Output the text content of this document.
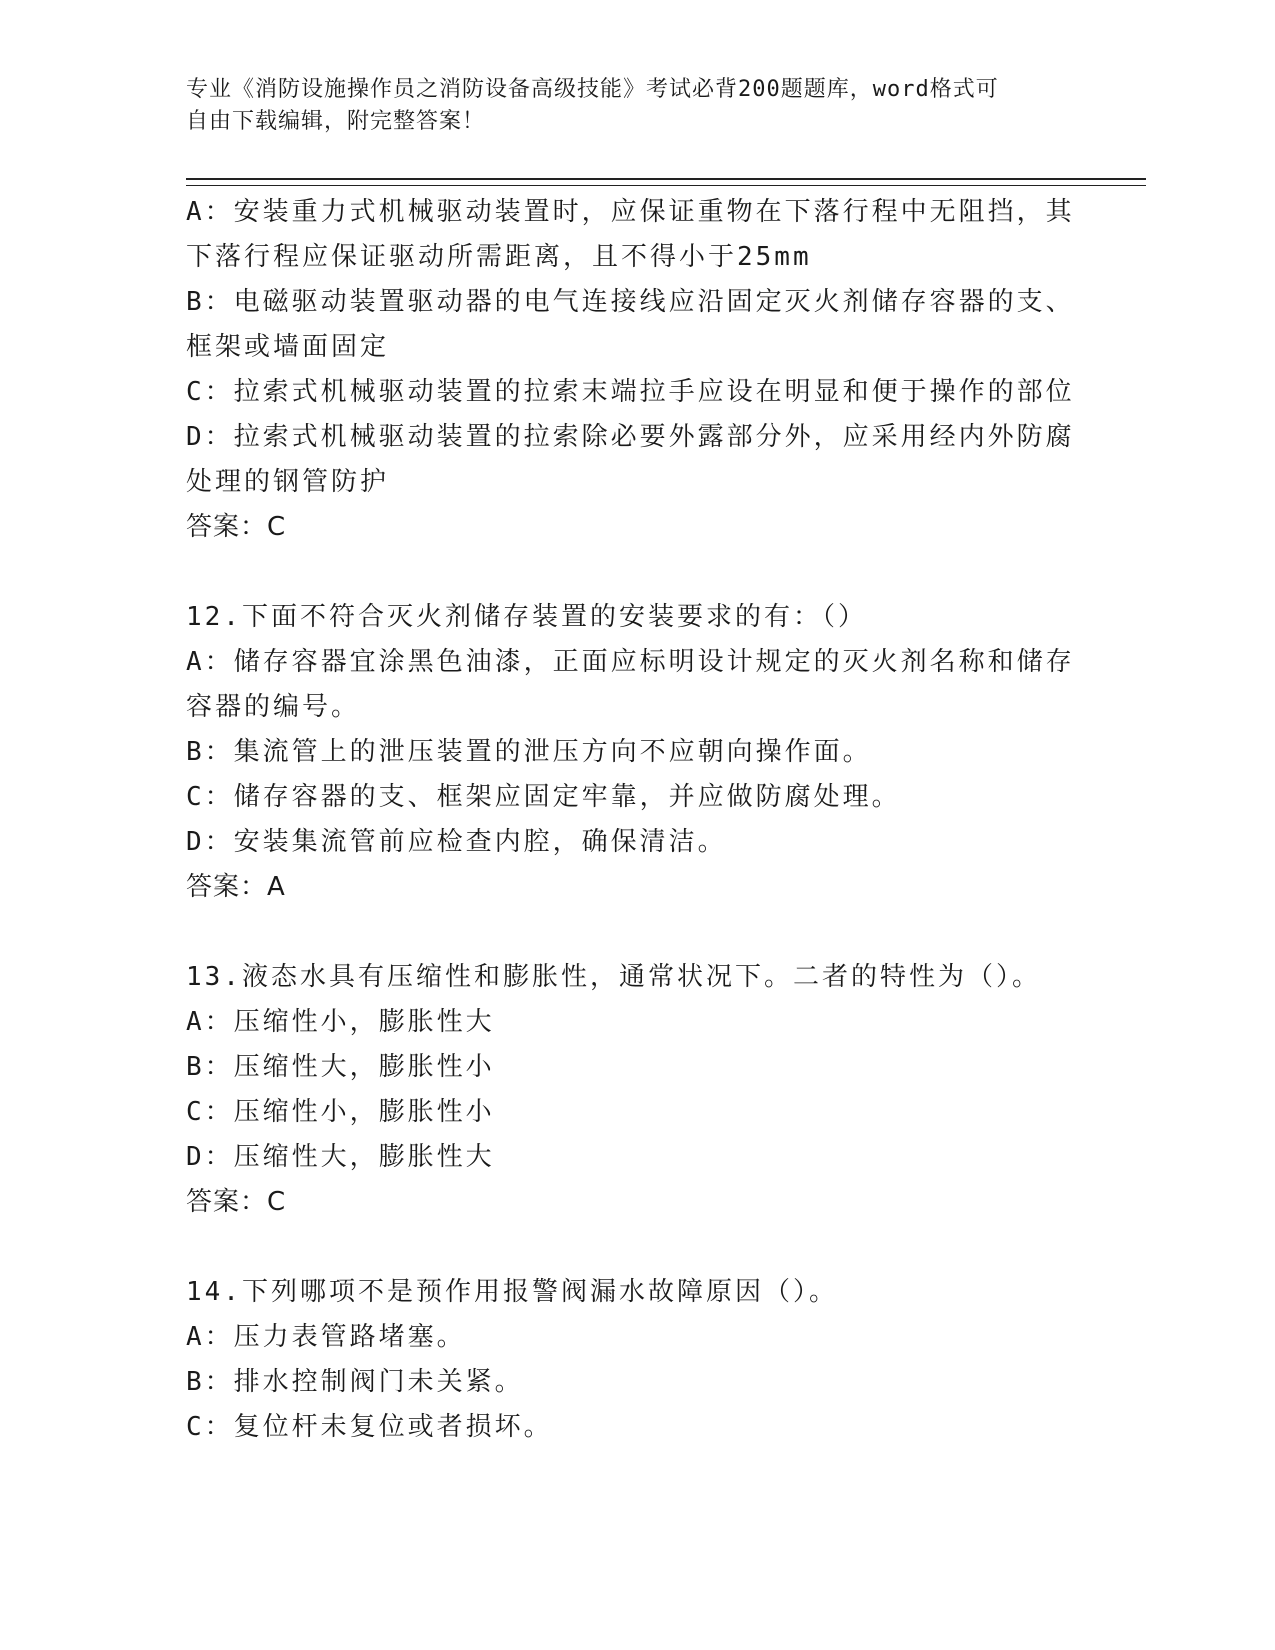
专业《消防设施操作员之消防设备高级技能》考试必背200题题库，word格式可
自由下载编辑，附完整答案！
A：安装重力式机械驱动装置时，应保证重物在下落行程中无阻挡，其
下落行程应保证驱动所需距离，且不得小于25mm
B：电磁驱动装置驱动器的电气连接线应沿固定灭火剂储存容器的支、
框架或墙面固定
C：拉索式机械驱动装置的拉索末端拉手应设在明显和便于操作的部位
D：拉索式机械驱动装置的拉索除必要外露部分外，应采用经内外防腐
处理的钢管防护
答案：C
12.下面不符合灭火剂储存装置的安装要求的有：（）
A：储存容器宜涂黑色油漆，正面应标明设计规定的灭火剂名称和储存
容器的编号。
B：集流管上的泄压装置的泄压方向不应朝向操作面。
C：储存容器的支、框架应固定牢靠，并应做防腐处理。
D：安装集流管前应检查内腔，确保清洁。
答案：A
13.液态水具有压缩性和膨胀性，通常状况下。二者的特性为（）。
A：压缩性小，膨胀性大
B：压缩性大，膨胀性小
C：压缩性小，膨胀性小
D：压缩性大，膨胀性大
答案：C
14.下列哪项不是预作用报警阀漏水故障原因（）。
A：压力表管路堵塞。
B：排水控制阀门未关紧。
C：复位杆未复位或者损坏。
